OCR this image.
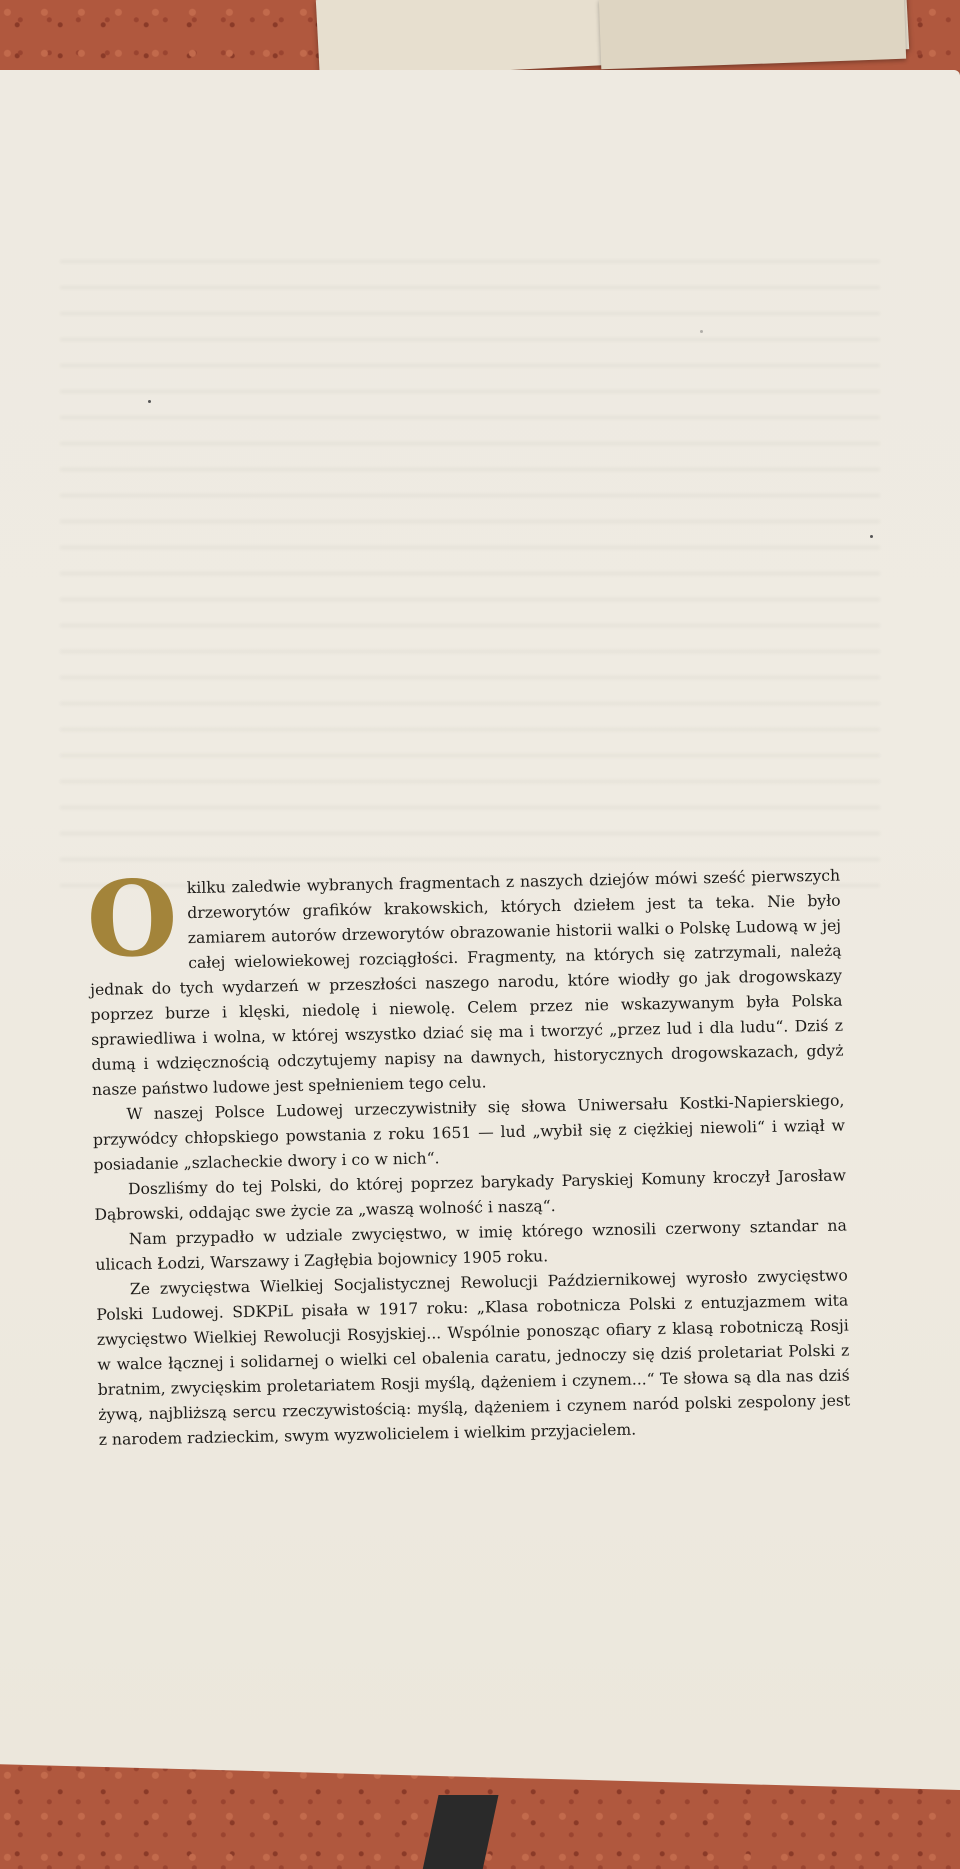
Okilku zaledwie wybranych fragmentach z naszych dziejów mówi sześć pierwszych drzeworytów grafików krakowskich, których dziełem jest ta teka. Nie było zamiarem autorów drzeworytów obrazowanie historii walki o Polskę Ludową w jej całej wielowiekowej rozciągłości. Fragmenty, na których się zatrzymali, należą jednak do tych wydarzeń w przeszłości naszego narodu, które wiodły go jak drogowskazy poprzez burze i klęski, niedolę i niewolę. Celem przez nie wskazywanym była Polska sprawiedliwa i wolna, w której wszystko dziać się ma i tworzyć „przez lud i dla ludu“. Dziś z dumą i wdzięcznością odczytujemy napisy na dawnych, historycznych drogowskazach, gdyż nasze państwo ludowe jest spełnieniem tego celu.

W naszej Polsce Ludowej urzeczywistniły się słowa Uniwersału Kostki-Napierskiego, przywódcy chłopskiego powstania z roku 1651 — lud „wybił się z ciężkiej niewoli“ i wziął w posiadanie „szlacheckie dwory i co w nich“.

Doszliśmy do tej Polski, do której poprzez barykady Paryskiej Komuny kroczył Jarosław Dąbrowski, oddając swe życie za „waszą wolność i naszą“.

Nam przypadło w udziale zwycięstwo, w imię którego wznosili czerwony sztandar na ulicach Łodzi, Warszawy i Zagłębia bojownicy 1905 roku.

Ze zwycięstwa Wielkiej Socjalistycznej Rewolucji Październikowej wyrosło zwycięstwo Polski Ludowej. SDKPiL pisała w 1917 roku: „Klasa robotnicza Polski z entuzjazmem wita zwycięstwo Wielkiej Rewolucji Rosyjskiej... Wspólnie ponosząc ofiary z klasą robotniczą Rosji w walce łącznej i solidarnej o wielki cel obalenia caratu, jednoczy się dziś proletariat Polski z bratnim, zwycięskim proletariatem Rosji myślą, dążeniem i czynem...“ Te słowa są dla nas dziś żywą, najbliższą sercu rzeczywistością: myślą, dążeniem i czynem naród polski zespolony jest z narodem radzieckim, swym wyzwolicielem i wielkim przyjacielem.
